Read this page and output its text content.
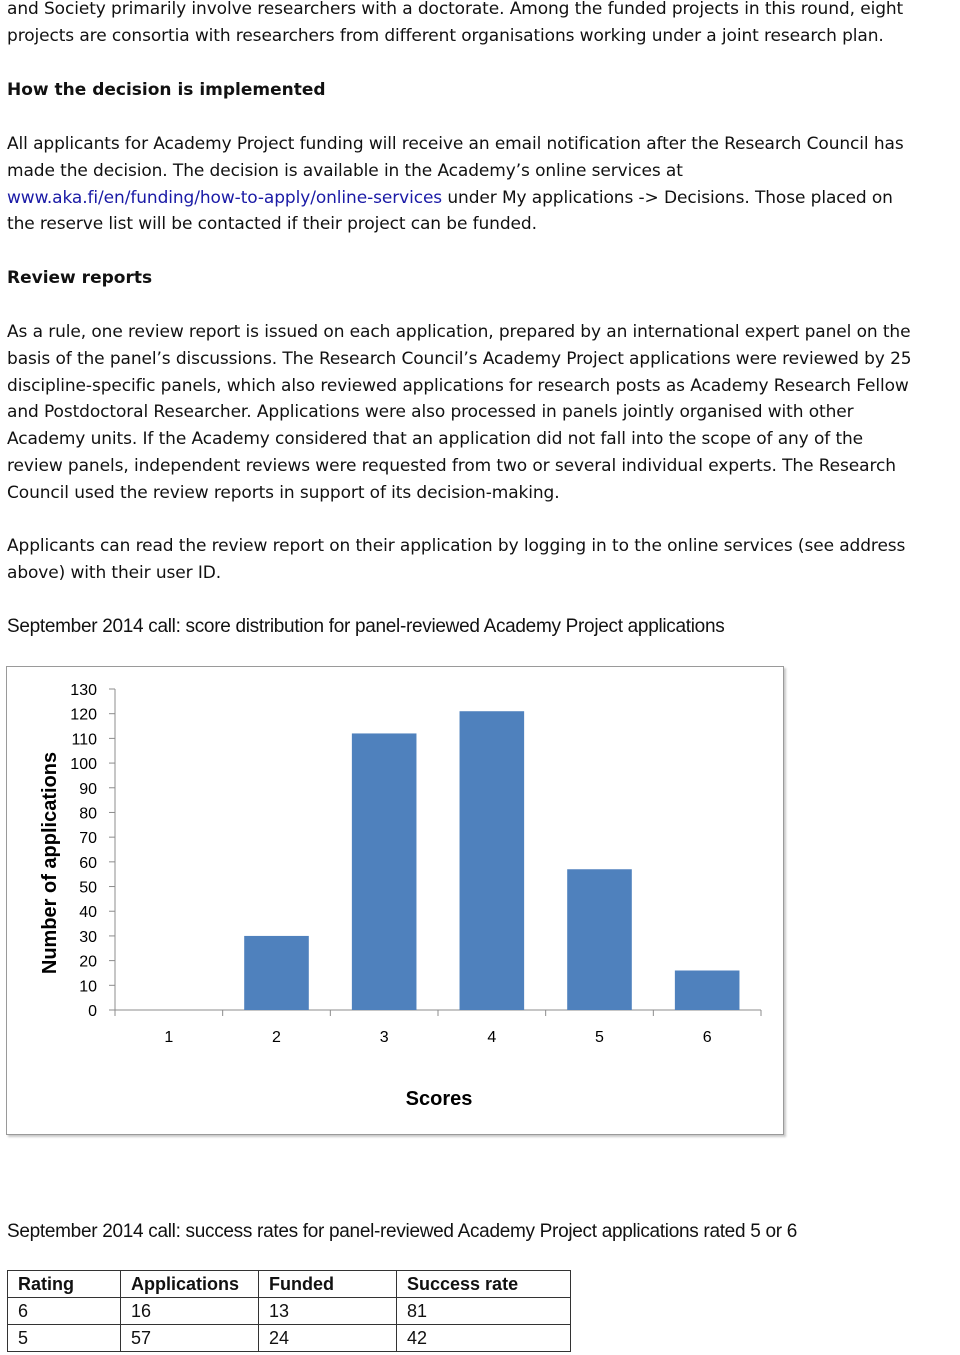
and Society primarily involve researchers with a doctorate. Among the funded projects in this round, eight

projects are consortia with researchers from different organisations working under a joint research plan.

How the decision is implemented

All applicants for Academy Project funding will receive an email notification after the Research Council has

made the decision. The decision is available in the Academy’s online services at

www.aka.fi/en/funding/how-to-apply/online-services under My applications -> Decisions. Those placed on

the reserve list will be contacted if their project can be funded.

Review reports

As a rule, one review report is issued on each application, prepared by an international expert panel on the

basis of the panel’s discussions. The Research Council’s Academy Project applications were reviewed by 25

discipline-specific panels, which also reviewed applications for research posts as Academy Research Fellow

and Postdoctoral Researcher. Applications were also processed in panels jointly organised with other

Academy units. If the Academy considered that an application did not fall into the scope of any of the

review panels, independent reviews were requested from two or several individual experts. The Research

Council used the review reports in support of its decision-making.

Applicants can read the review report on their application by logging in to the online services (see address

above) with their user ID.

September 2014 call: score distribution for panel-reviewed Academy Project applications

September 2014 call: success rates for panel-reviewed Academy Project applications rated 5 or 6

Number of applications
Scores
0
10
20
30
40
50
60
70
80
90
100
110
120
130
1	2	3	4	5	6
Rating	Applications	Funded	Success rate
6	16	13	81
5	57	24	42
